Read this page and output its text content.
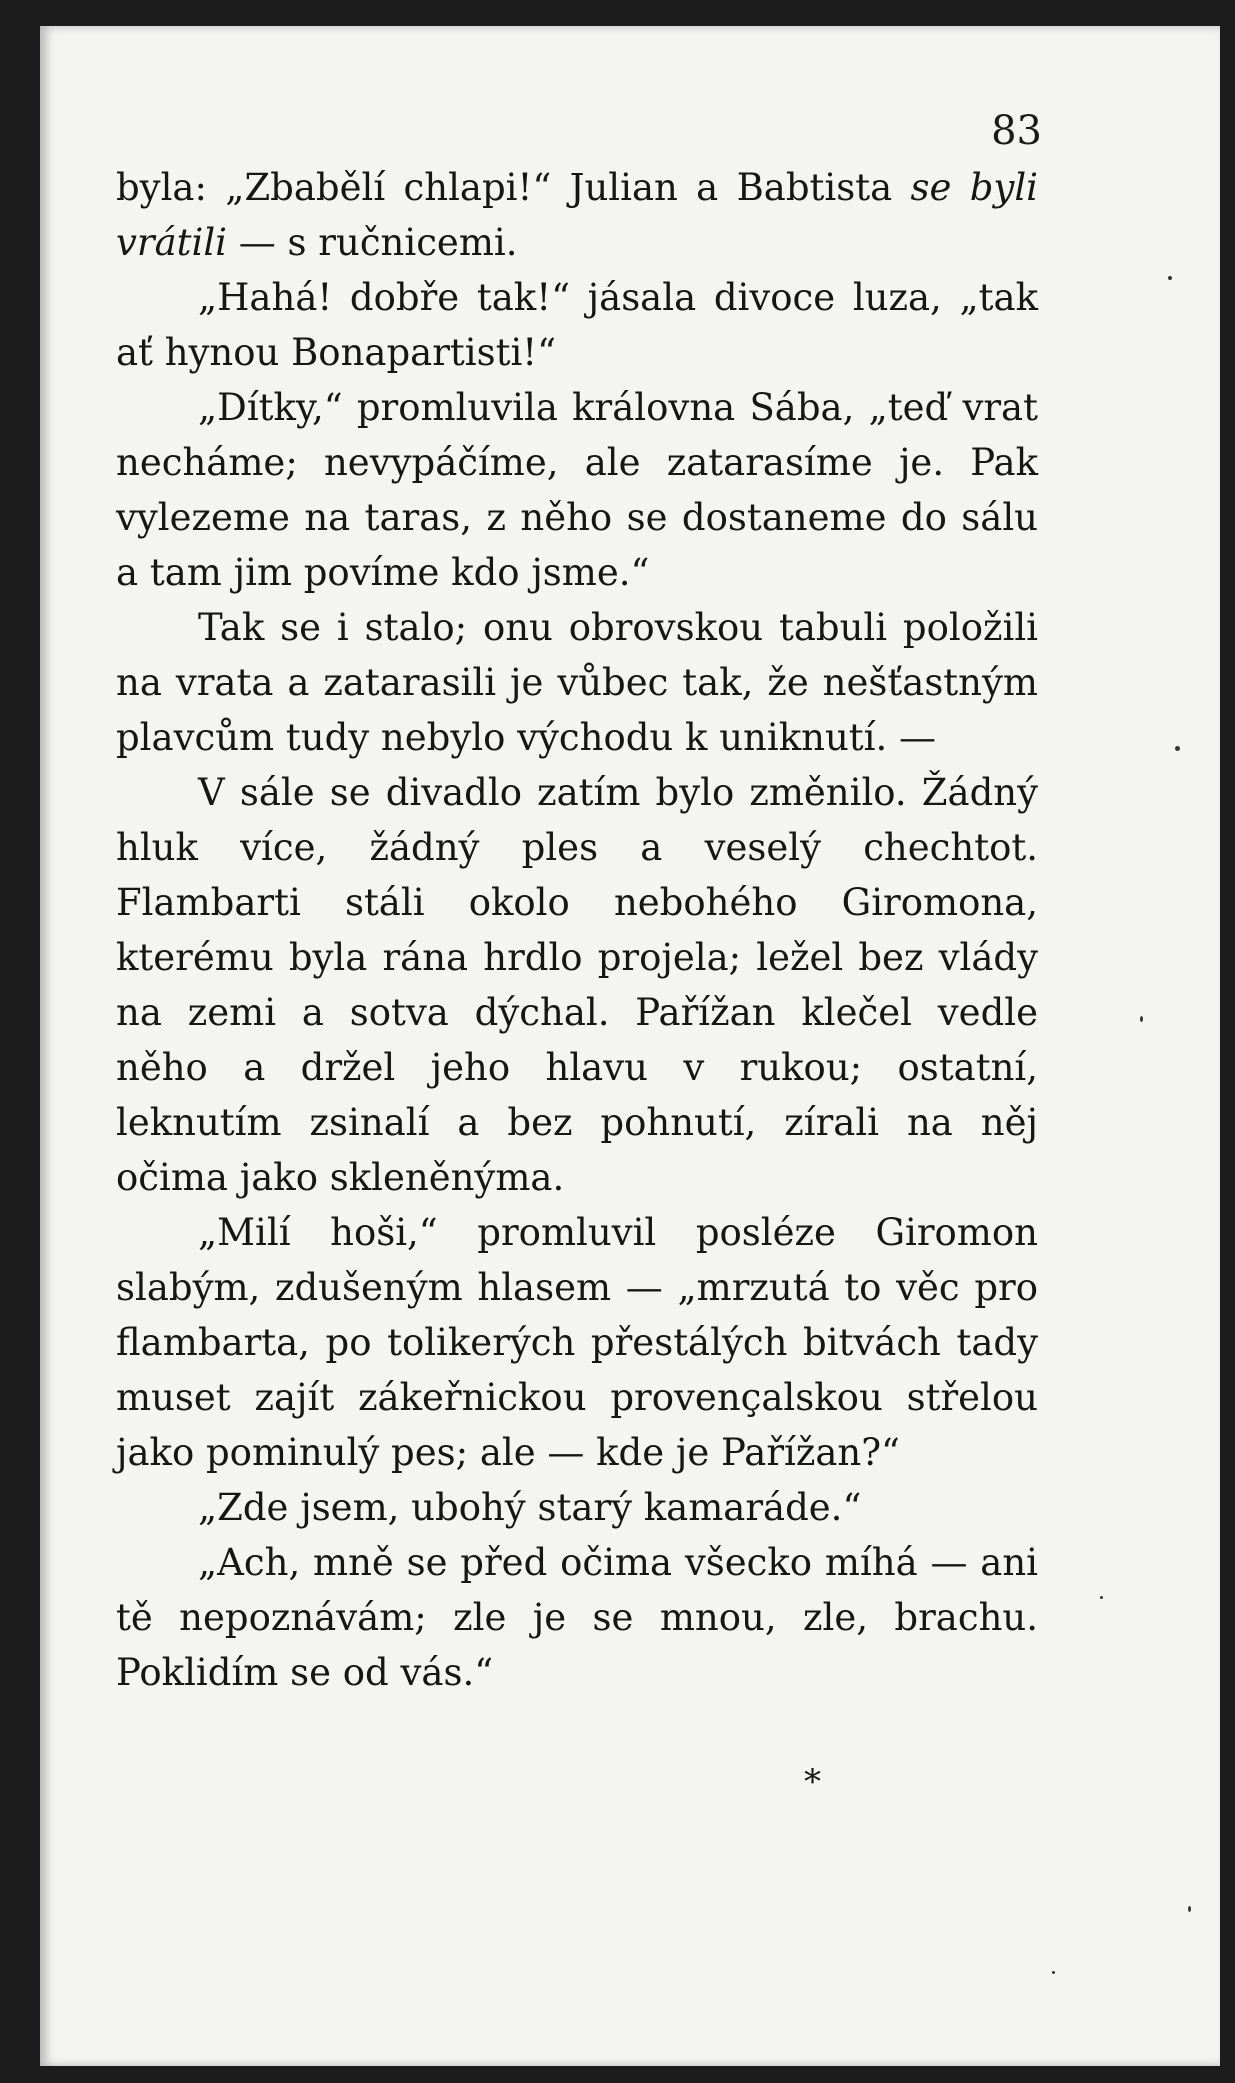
83

byla: „Zbabělí chlapi!“ Julian a Babtista se byli vrátili — s ručnicemi.

„Hahá! dobře tak!“ jásala divoce luza, „tak ať hynou Bonapartisti!“

„Dítky,“ promluvila královna Sába, „teď vrat necháme; nevypáčíme, ale zatarasíme je. Pak vylezeme na taras, z něho se dostaneme do sálu a tam jim povíme kdo jsme.“

Tak se i stalo; onu obrovskou tabuli položili na vrata a zatarasili je vůbec tak, že nešťastným plavcům tudy nebylo východu k uniknutí. —

V sále se divadlo zatím bylo změnilo. Žádný hluk více, žádný ples a veselý chechtot. Flambarti stáli okolo nebohého Giromona, kterému byla rána hrdlo projela; ležel bez vlády na zemi a sotva dýchal. Pařížan klečel vedle něho a držel jeho hlavu v rukou; ostatní, leknutím zsinalí a bez pohnutí, zírali na něj očima jako skleněnýma.

„Milí hoši,“ promluvil posléze Giromon slabým, zdušeným hlasem — „mrzutá to věc pro flambarta, po tolikerých přestálých bitvách tady muset zajít zákeřnickou provençalskou střelou jako pominulý pes; ale — kde je Pařížan?“

„Zde jsem, ubohý starý kamaráde.“

„Ach, mně se před očima všecko míhá — ani tě nepoznávám; zle je se mnou, zle, brachu. Poklidím se od vás.“

*
